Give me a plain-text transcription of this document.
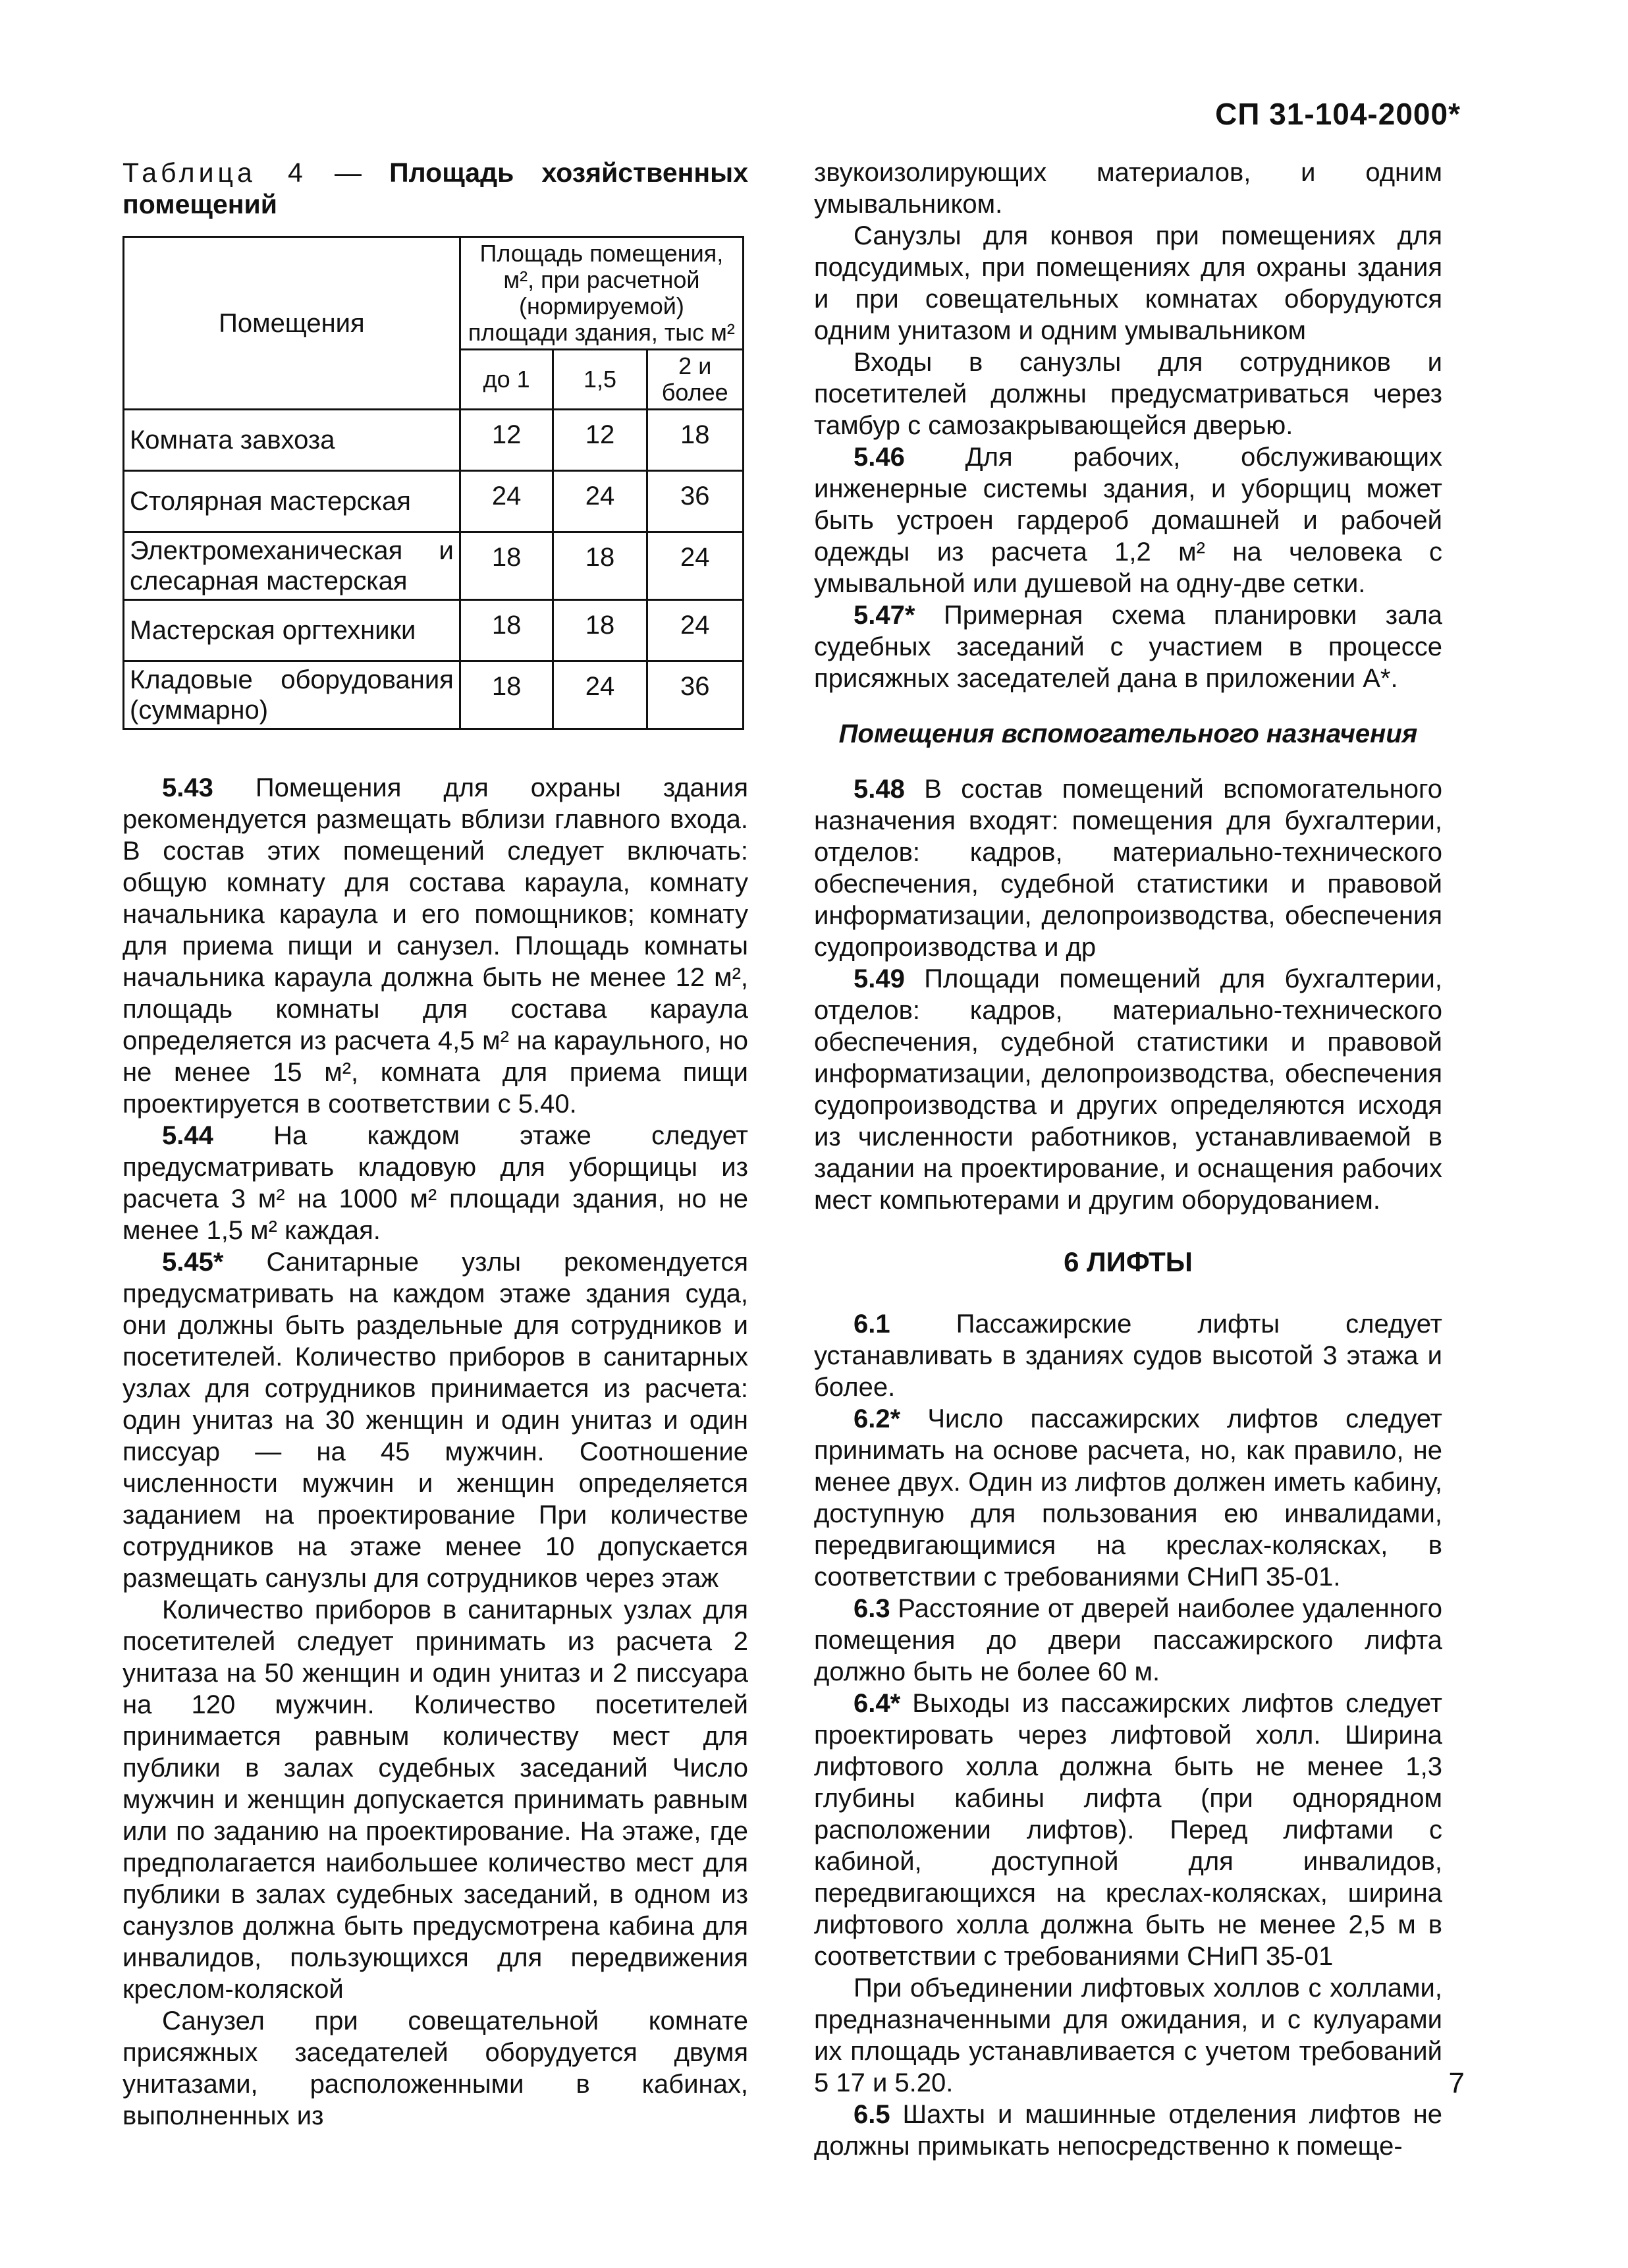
СП 31-104-2000*
Таблица 4 — Площадь хозяйственных помещений
Помещения	Площадь помещения, м², при расчетной (нормируемой) площади здания, тыс м²		
	до 1	1,5	2 и более
Комната завхоза	12	12	18
Столярная мастерская	24	24	36
Электромеханическая и слесарная мастерская	18	18	24
Мастерская оргтехники	18	18	24
Кладовые оборудования (суммарно)	18	24	36

5.43 Помещения для охраны здания рекомендуется размещать вблизи главного входа. В состав этих помещений следует включать: общую комнату для состава караула, комнату начальника караула и его помощников; комнату для приема пищи и санузел. Площадь комнаты начальника караула должна быть не менее 12 м², площадь комнаты для состава караула определяется из расчета 4,5 м² на караульного, но не менее 15 м², комната для приема пищи проектируется в соответствии с 5.40.

5.44 На каждом этаже следует предусматривать кладовую для уборщицы из расчета 3 м² на 1000 м² площади здания, но не менее 1,5 м² каждая.

5.45* Санитарные узлы рекомендуется предусматривать на каждом этаже здания суда, они должны быть раздельные для сотрудников и посетителей. Количество приборов в санитарных узлах для сотрудников принимается из расчета: один унитаз на 30 женщин и один унитаз и один писсуар — на 45 мужчин. Соотношение численности мужчин и женщин определяется заданием на проектирование При количестве сотрудников на этаже менее 10 допускается размещать санузлы для сотрудников через этаж

Количество приборов в санитарных узлах для посетителей следует принимать из расчета 2 унитаза на 50 женщин и один унитаз и 2 писсуара на 120 мужчин. Количество посетителей принимается равным количеству мест для публики в залах судебных заседаний Число мужчин и женщин допускается принимать равным или по заданию на проектирование. На этаже, где предполагается наибольшее количество мест для публики в залах судебных заседаний, в одном из санузлов должна быть предусмотрена кабина для инвалидов, пользующихся для передвижения креслом-коляской

Санузел при совещательной комнате присяжных заседателей оборудуется двумя унитазами, расположенными в кабинах, выполненных из

звукоизолирующих материалов, и одним умывальником.

Санузлы для конвоя при помещениях для подсудимых, при помещениях для охраны здания и при совещательных комнатах оборудуются одним унитазом и одним умывальником

Входы в санузлы для сотрудников и посетителей должны предусматриваться через тамбур с самозакрывающейся дверью.

5.46 Для рабочих, обслуживающих инженерные системы здания, и уборщиц может быть устроен гардероб домашней и рабочей одежды из расчета 1,2 м² на человека с умывальной или душевой на одну-две сетки.

5.47* Примерная схема планировки зала судебных заседаний с участием в процессе присяжных заседателей дана в приложении А*.

Помещения вспомогательного назначения

5.48 В состав помещений вспомогательного назначения входят: помещения для бухгалтерии, отделов: кадров, материально-технического обеспечения, судебной статистики и правовой информатизации, делопроизводства, обеспечения судопроизводства и др

5.49 Площади помещений для бухгалтерии, отделов: кадров, материально-технического обеспечения, судебной статистики и правовой информатизации, делопроизводства, обеспечения судопроизводства и других определяются исходя из численности работников, устанавливаемой в задании на проектирование, и оснащения рабочих мест компьютерами и другим оборудованием.

6 ЛИФТЫ

6.1	Пассажирские лифты следует устанавливать в зданиях судов высотой 3 этажа и более.

6.2* Число пассажирских лифтов следует принимать на основе расчета, но, как правило, не менее двух. Один из лифтов должен иметь кабину, доступную для пользования ею инвалидами, передвигающимися на креслах-колясках, в соответствии с требованиями СНиП 35-01.

6.3 Расстояние от дверей наиболее удаленного помещения до двери пассажирского лифта должно быть не более 60 м.

6.4* Выходы из пассажирских лифтов следует проектировать через лифтовой холл. Ширина лифтового холла должна быть не менее 1,3 глубины кабины лифта (при однорядном расположении лифтов). Перед лифтами с кабиной, доступной для инвалидов, передвигающихся на креслах-колясках, ширина лифтового холла должна быть не менее 2,5 м в соответствии с требованиями СНиП 35-01

При объединении лифтовых холлов с холлами, предназначенными для ожидания, и с кулуарами их площадь устанавливается с учетом требований 5 17 и 5.20.

6.5 Шахты и машинные отделения лифтов не должны примыкать непосредственно к помеще-

7
